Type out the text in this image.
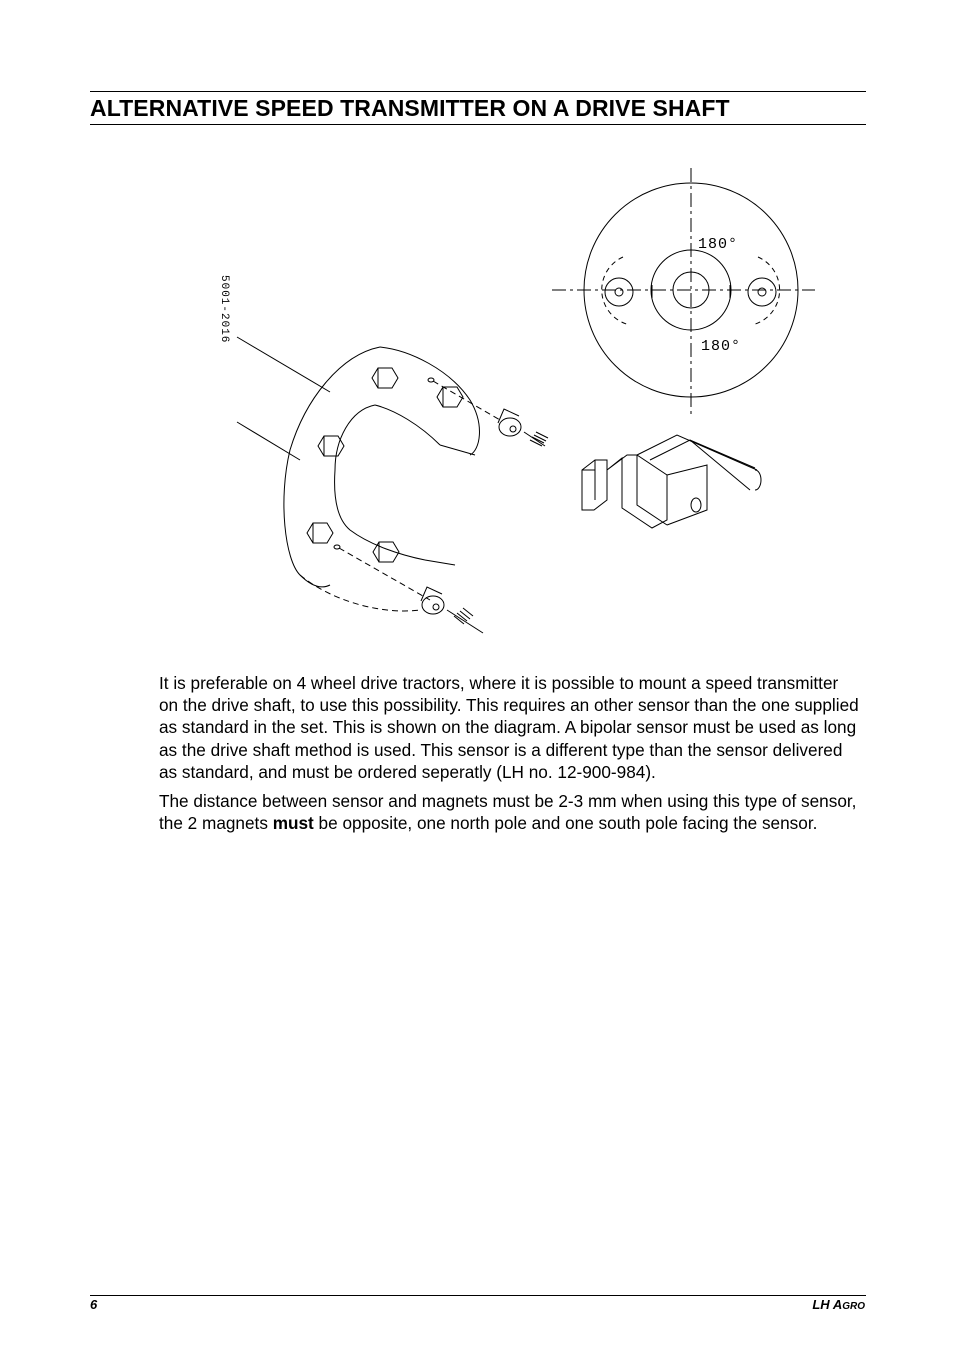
ALTERNATIVE SPEED TRANSMITTER ON A DRIVE SHAFT
5001-2016
180°
180°

It is preferable on 4 wheel drive tractors, where it is possible to mount a speed transmitter on the drive shaft, to use this possibility. This requires an other sensor than the one supplied as standard in the set. This is shown on the diagram. A bipolar sensor must be used as long as the drive shaft method is used. This sensor is a different type than the sensor delivered as standard, and must be ordered seperatly (LH no. 12-900-984).

The distance between sensor and magnets must be 2-3 mm when using this type of sensor, the 2 magnets must be opposite, one north pole and one south pole facing the sensor.

6	LH AGRO
